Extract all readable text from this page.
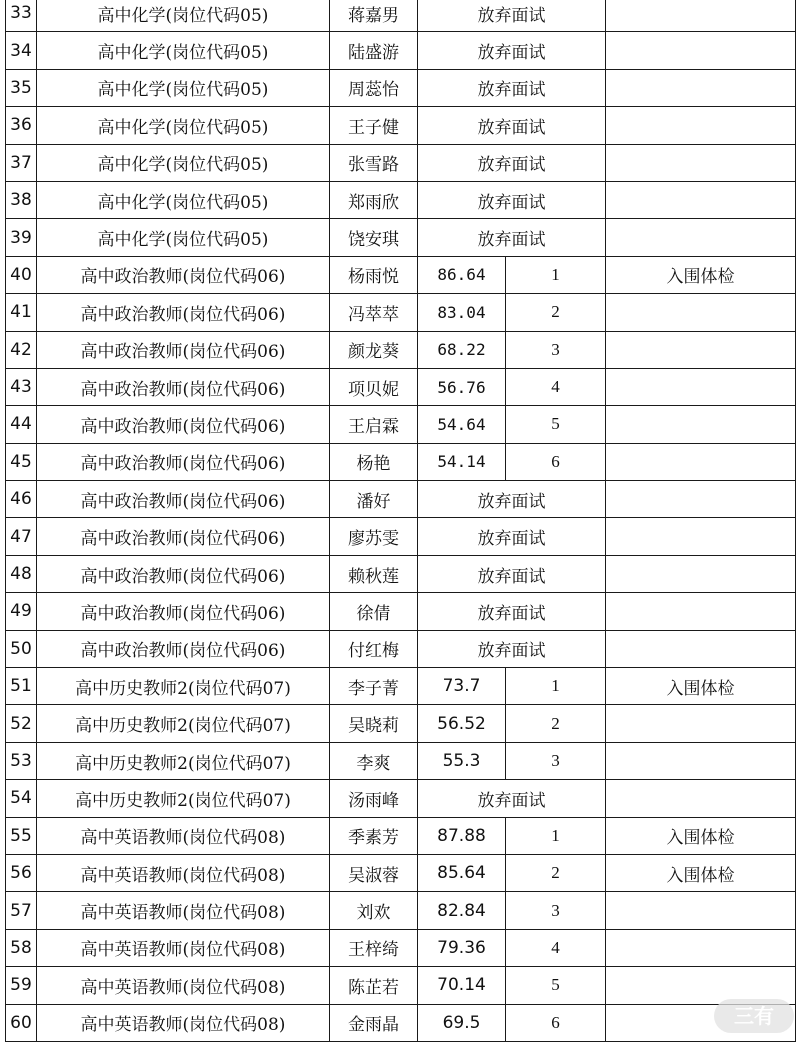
33	高中化学(岗位代码05)	蒋嘉男	放弃面试		
34	高中化学(岗位代码05)	陆盛游	放弃面试		
35	高中化学(岗位代码05)	周蕊怡	放弃面试		
36	高中化学(岗位代码05)	王子健	放弃面试		
37	高中化学(岗位代码05)	张雪路	放弃面试		
38	高中化学(岗位代码05)	郑雨欣	放弃面试		
39	高中化学(岗位代码05)	饶安琪	放弃面试		
40	高中政治教师(岗位代码06)	杨雨悦	86.64	1	入围体检
41	高中政治教师(岗位代码06)	冯萃萃	83.04	2	
42	高中政治教师(岗位代码06)	颜龙葵	68.22	3	
43	高中政治教师(岗位代码06)	项贝妮	56.76	4	
44	高中政治教师(岗位代码06)	王启霖	54.64	5	
45	高中政治教师(岗位代码06)	杨艳	54.14	6	
46	高中政治教师(岗位代码06)	潘好	放弃面试		
47	高中政治教师(岗位代码06)	廖苏雯	放弃面试		
48	高中政治教师(岗位代码06)	赖秋莲	放弃面试		
49	高中政治教师(岗位代码06)	徐倩	放弃面试		
50	高中政治教师(岗位代码06)	付红梅	放弃面试		
51	高中历史教师2(岗位代码07)	李子菁	73.7	1	入围体检
52	高中历史教师2(岗位代码07)	吴晓莉	56.52	2	
53	高中历史教师2(岗位代码07)	李爽	55.3	3	
54	高中历史教师2(岗位代码07)	汤雨峰	放弃面试		
55	高中英语教师(岗位代码08)	季素芳	87.88	1	入围体检
56	高中英语教师(岗位代码08)	吴淑蓉	85.64	2	入围体检
57	高中英语教师(岗位代码08)	刘欢	82.84	3	
58	高中英语教师(岗位代码08)	王梓绮	79.36	4	
59	高中英语教师(岗位代码08)	陈芷若	70.14	5	
60	高中英语教师(岗位代码08)	金雨晶	69.5	6		三有
